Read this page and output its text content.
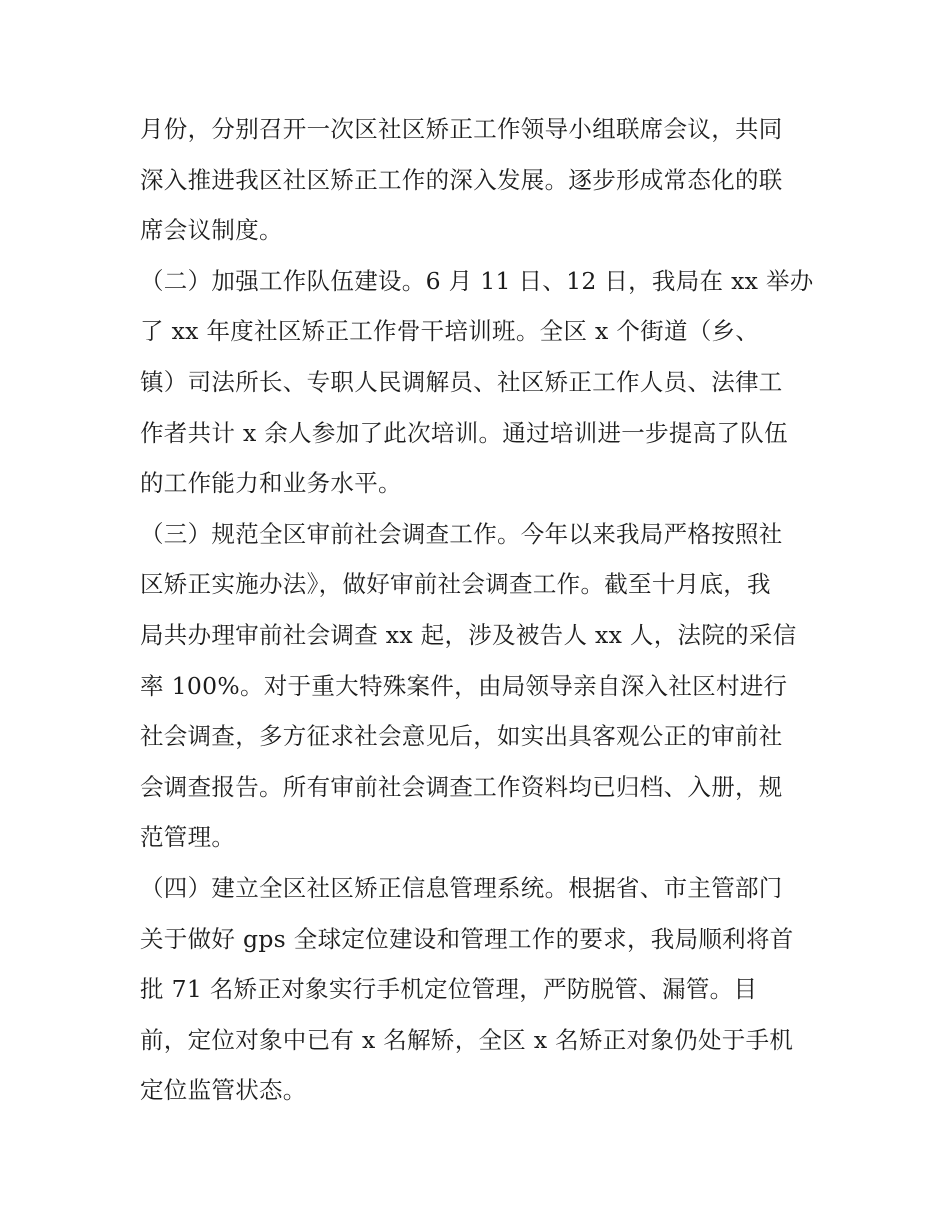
月份，分别召开一次区社区矫正工作领导小组联席会议，共同
深入推进我区社区矫正工作的深入发展。逐步形成常态化的联
席会议制度。
（二）加强工作队伍建设。6 月 11 日、12 日，我局在 xx 举办
了 xx 年度社区矫正工作骨干培训班。全区 x 个街道（乡、
镇）司法所长、专职人民调解员、社区矫正工作人员、法律工
作者共计 x 余人参加了此次培训。通过培训进一步提高了队伍
的工作能力和业务水平。
（三）规范全区审前社会调查工作。今年以来我局严格按照社
区矫正实施办法》，做好审前社会调查工作。截至十月底，我
局共办理审前社会调查 xx 起，涉及被告人 xx 人，法院的采信
率 100%。对于重大特殊案件，由局领导亲自深入社区村进行
社会调查，多方征求社会意见后，如实出具客观公正的审前社
会调查报告。所有审前社会调查工作资料均已归档、入册，规
范管理。
（四）建立全区社区矫正信息管理系统。根据省、市主管部门
关于做好 gps 全球定位建设和管理工作的要求，我局顺利将首
批 71 名矫正对象实行手机定位管理，严防脱管、漏管。目
前，定位对象中已有 x 名解矫，全区 x 名矫正对象仍处于手机
定位监管状态。
